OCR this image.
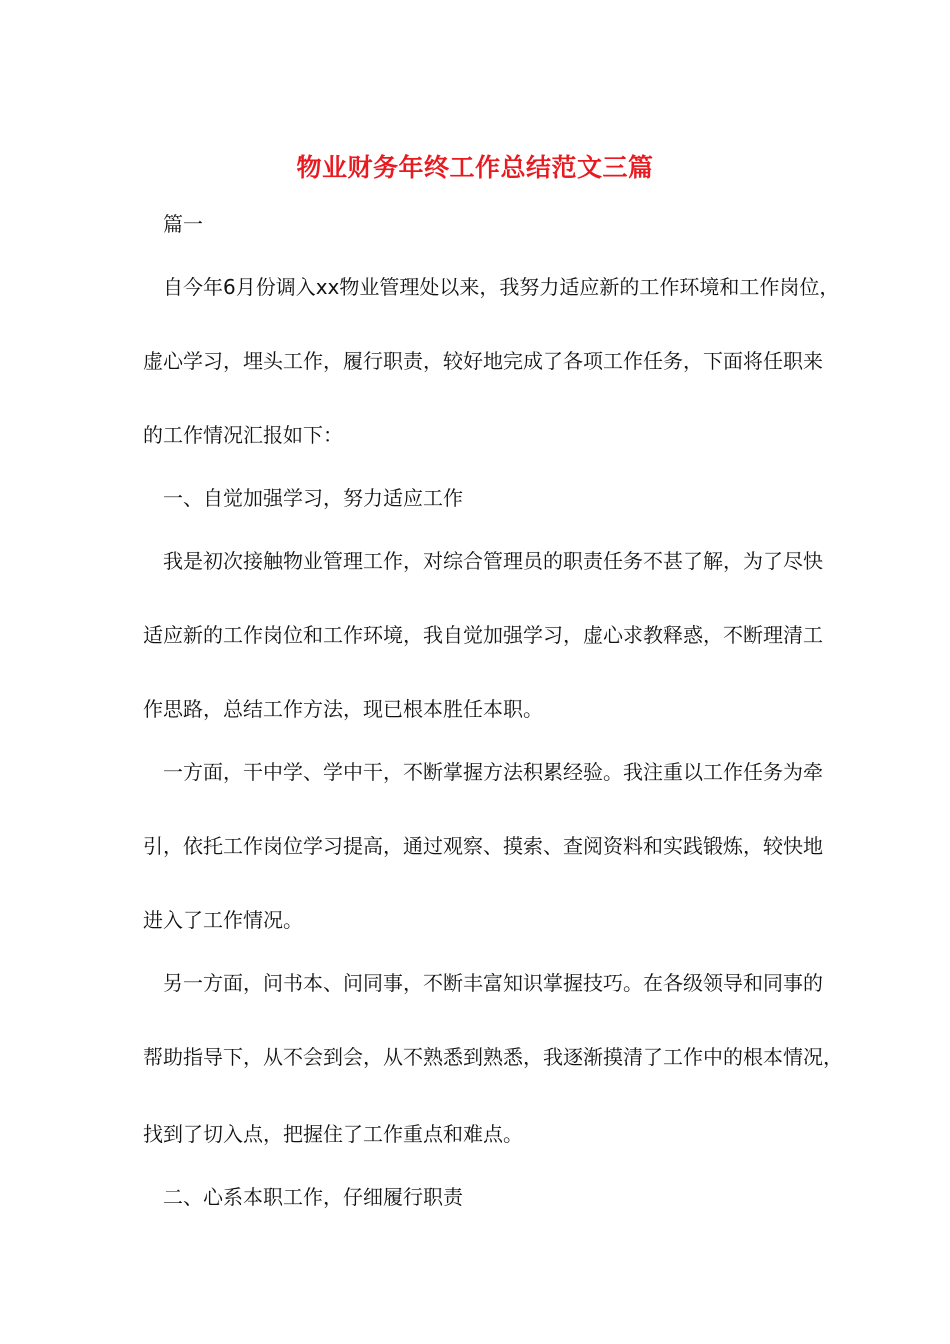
物业财务年终工作总结范文三篇
篇一
自今年6月份调入xx物业管理处以来，我努力适应新的工作环境和工作岗位，
虚心学习，埋头工作，履行职责，较好地完成了各项工作任务，下面将任职来
的工作情况汇报如下：
一、自觉加强学习，努力适应工作
我是初次接触物业管理工作，对综合管理员的职责任务不甚了解，为了尽快
适应新的工作岗位和工作环境，我自觉加强学习，虚心求教释惑，不断理清工
作思路，总结工作方法，现已根本胜任本职。
一方面，干中学、学中干，不断掌握方法积累经验。我注重以工作任务为牵
引，依托工作岗位学习提高，通过观察、摸索、查阅资料和实践锻炼，较快地
进入了工作情况。
另一方面，问书本、问同事，不断丰富知识掌握技巧。在各级领导和同事的
帮助指导下，从不会到会，从不熟悉到熟悉，我逐渐摸清了工作中的根本情况，
找到了切入点，把握住了工作重点和难点。
二、心系本职工作，仔细履行职责
